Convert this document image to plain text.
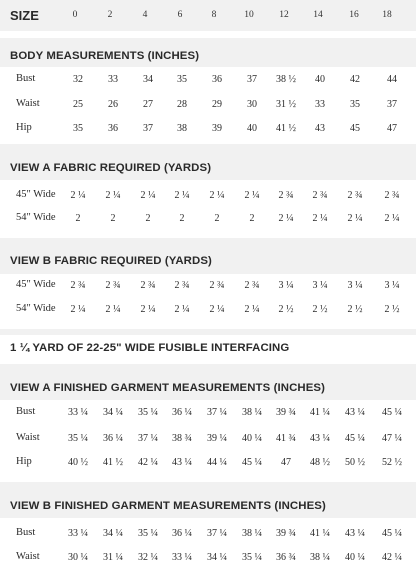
SIZE	0	2	4	6	8	10	12	14	16	18
BODY MEASUREMENTS (INCHES)
Bust	32	33	34	35	36	37	38 ½	40	42	44
Waist	25	26	27	28	29	30	31 ½	33	35	37
Hip	35	36	37	38	39	40	41 ½	43	45	47
VIEW A FABRIC REQUIRED (YARDS)
45" Wide	2 ¼	2 ¼	2 ¼	2 ¼	2 ¼	2 ¼	2 ¾	2 ¾	2 ¾	2 ¾
54" Wide	2	2	2	2	2	2	2 ¼	2 ¼	2 ¼	2 ¼
VIEW B FABRIC REQUIRED (YARDS)
45" Wide	2 ¾	2 ¾	2 ¾	2 ¾	2 ¾	2 ¾	3 ¼	3 ¼	3 ¼	3 ¼
54" Wide	2 ¼	2 ¼	2 ¼	2 ¼	2 ¼	2 ¼	2 ½	2 ½	2 ½	2 ½
1 ¼ YARD OF 22-25" WIDE FUSIBLE INTERFACING
VIEW A FINISHED GARMENT MEASUREMENTS (INCHES)
Bust	33 ¼	34 ¼	35 ¼	36 ¼	37 ¼	38 ¼	39 ¾	41 ¼	43 ¼	45 ¼
Waist	35 ¼	36 ¼	37 ¼	38 ¾	39 ¼	40 ¼	41 ¾	43 ¼	45 ¼	47 ¼
Hip	40 ½	41 ½	42 ¼	43 ¼	44 ¼	45 ¼	47	48 ½	50 ½	52 ½
VIEW B FINISHED GARMENT MEASUREMENTS (INCHES)
Bust	33 ¼	34 ¼	35 ¼	36 ¼	37 ¼	38 ¼	39 ¾	41 ¼	43 ¼	45 ¼
Waist	30 ¼	31 ¼	32 ¼	33 ¼	34 ¼	35 ¼	36 ¾	38 ¼	40 ¼	42 ¼
